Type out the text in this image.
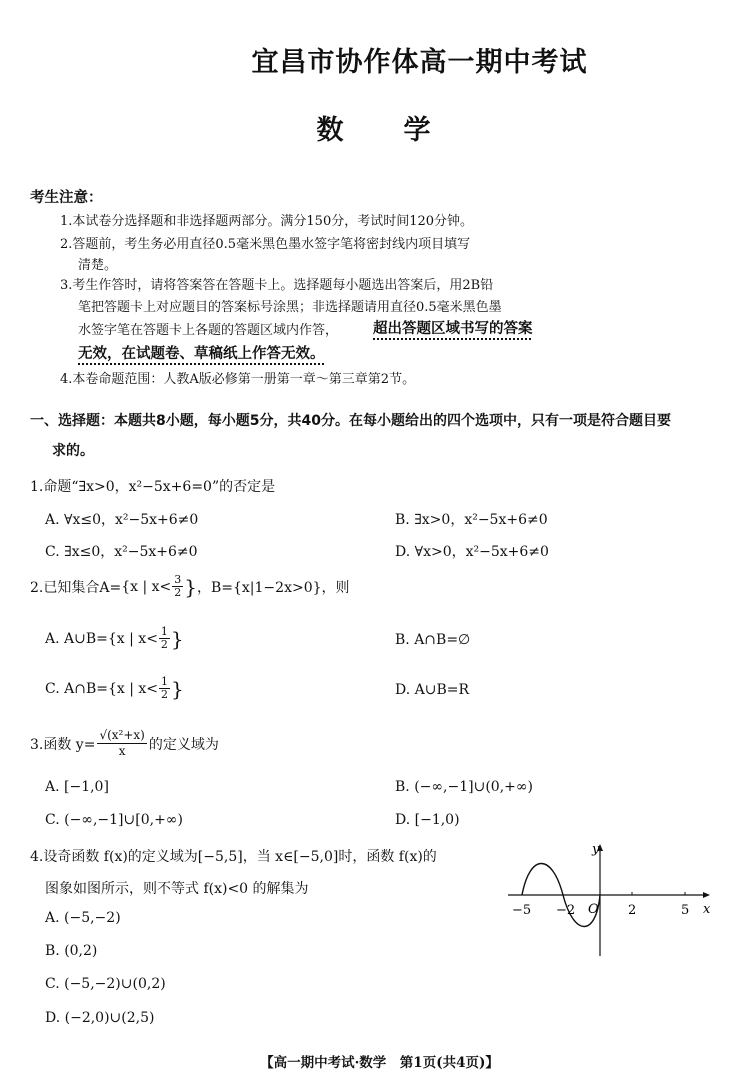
宜昌市协作体高一期中考试
数学
考生注意：
1.本试卷分选择题和非选择题两部分。满分150分，考试时间120分钟。
2.答题前，考生务必用直径0.5毫米黑色墨水签字笔将密封线内项目填写
清楚。
3.考生作答时，请将答案答在答题卡上。选择题每小题选出答案后，用2B铅
笔把答题卡上对应题目的答案标号涂黑；非选择题请用直径0.5毫米黑色墨
水签字笔在答题卡上各题的答题区域内作答， 超出答题区域书写的答案
无效，在试题卷、草稿纸上作答无效。
4.本卷命题范围：人教A版必修第一册第一章～第三章第2节。
一、选择题：本题共8小题，每小题5分，共40分。在每小题给出的四个选项中，只有一项是符合题目要
求的。
1.命题“∃x>0，x²−5x+6=0”的否定是
A. ∀x≤0，x²−5x+6≠0	B. ∃x>0，x²−5x+6≠0
C. ∃x≤0，x²−5x+6≠0	D. ∀x>0，x²−5x+6≠0
2.已知集合A= {x | $x< \frac{3}{2}$ } ，B={x|1−2x>0}，则
A. A∪B= {x | $x< \frac{1}{2}$ }	B. A∩B=∅
C. A∩B= {x | $x< \frac{1}{2}$ }	D. A∪B=R
3.函数 $y= \frac{\text{√(x²+x)}}{x}$ 的定义域为
A. [−1,0]	B. (−∞,−1]∪(0,+∞)
C. (−∞,−1]∪[0,+∞)	D. [−1,0)
4.设奇函数 f(x)的定义域为[−5,5]，当 x∈[−5,0]时，函数 f(x)的
图象如图所示，则不等式 f(x)<0 的解集为
A. (−5,−2)
B. (0,2)
C. (−5,−2)∪(0,2)
D. (−2,0)∪(2,5)
y
x
O
−5 −2	2	5
【高一期中考试·数学　第1页(共4页)】
